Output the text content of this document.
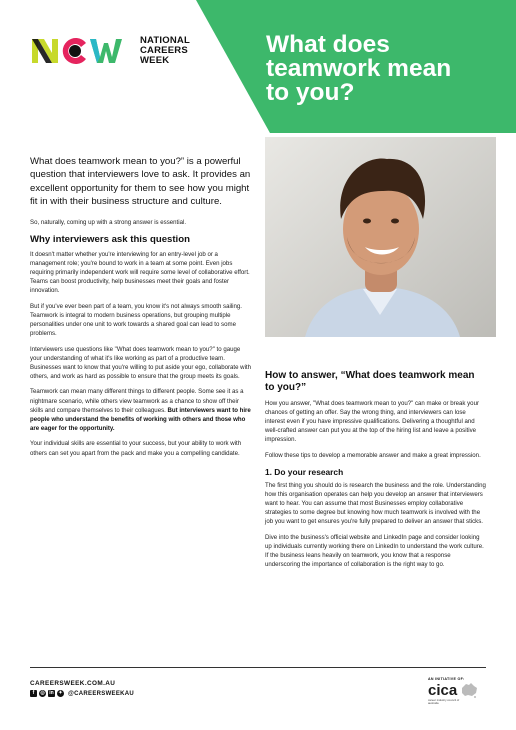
NATIONAL
CAREERS
WEEK
What does
teamwork mean
to you?

What does teamwork mean to you?” is a powerful question that interviewers love to ask. It provides an excellent opportunity for them to see how you might fit in with their business structure and culture.

So, naturally, coming up with a strong answer is essential.

Why interviewers ask this question

It doesn't matter whether you're interviewing for an entry-level job or a management role; you're bound to work in a team at some point. Even jobs requiring primarily independent work will require some level of collaborative effort. Teams can boost productivity, help businesses meet their goals and foster innovation.

But if you've ever been part of a team, you know it's not always smooth sailing. Teamwork is integral to modern business operations, but grouping multiple personalities under one unit to work towards a shared goal can lead to some problems.

Interviewers use questions like "What does teamwork mean to you?" to gauge your understanding of what it's like working as part of a productive team. Businesses want to know that you're willing to put aside your ego, collaborate with others, and work as hard as possible to ensure that the group meets its goals.

Teamwork can mean many different things to different people. Some see it as a nightmare scenario, while others view teamwork as a chance to show off their skills and compare themselves to their colleagues. But interviewers want to hire people who understand the benefits of working with others and those who are eager for the opportunity.

Your individual skills are essential to your success, but your ability to work with others can set you apart from the pack and make you a compelling candidate.

How to answer, “What does teamwork mean to you?”

How you answer, "What does teamwork mean to you?" can make or break your chances of getting an offer. Say the wrong thing, and interviewers can lose interest even if you have impressive qualifications. Delivering a thoughtful and well-crafted answer can put you at the top of the hiring list and leave a positive impression.

Follow these tips to develop a memorable answer and make a great impression.

1. Do your research

The first thing you should do is research the business and the role. Understanding how this organisation operates can help you develop an answer that interviewers want to hear. You can assume that most Businesses employ collaborative strategies to some degree but knowing how much teamwork is involved with the job you want to get ensures you're fully prepared to deliver an answer that sticks.

Dive into the business's official website and LinkedIn page and consider looking up individuals currently working there on LinkedIn to understand the work culture. If the business leans heavily on teamwork, you know that a response underscoring the importance of collaboration is the right way to go.

CAREERSWEEK.COM.AU
f	◎ in ✦ @CAREERSWEEKAU
AN INITIATIVE OF:
cica
career industry council of australia
